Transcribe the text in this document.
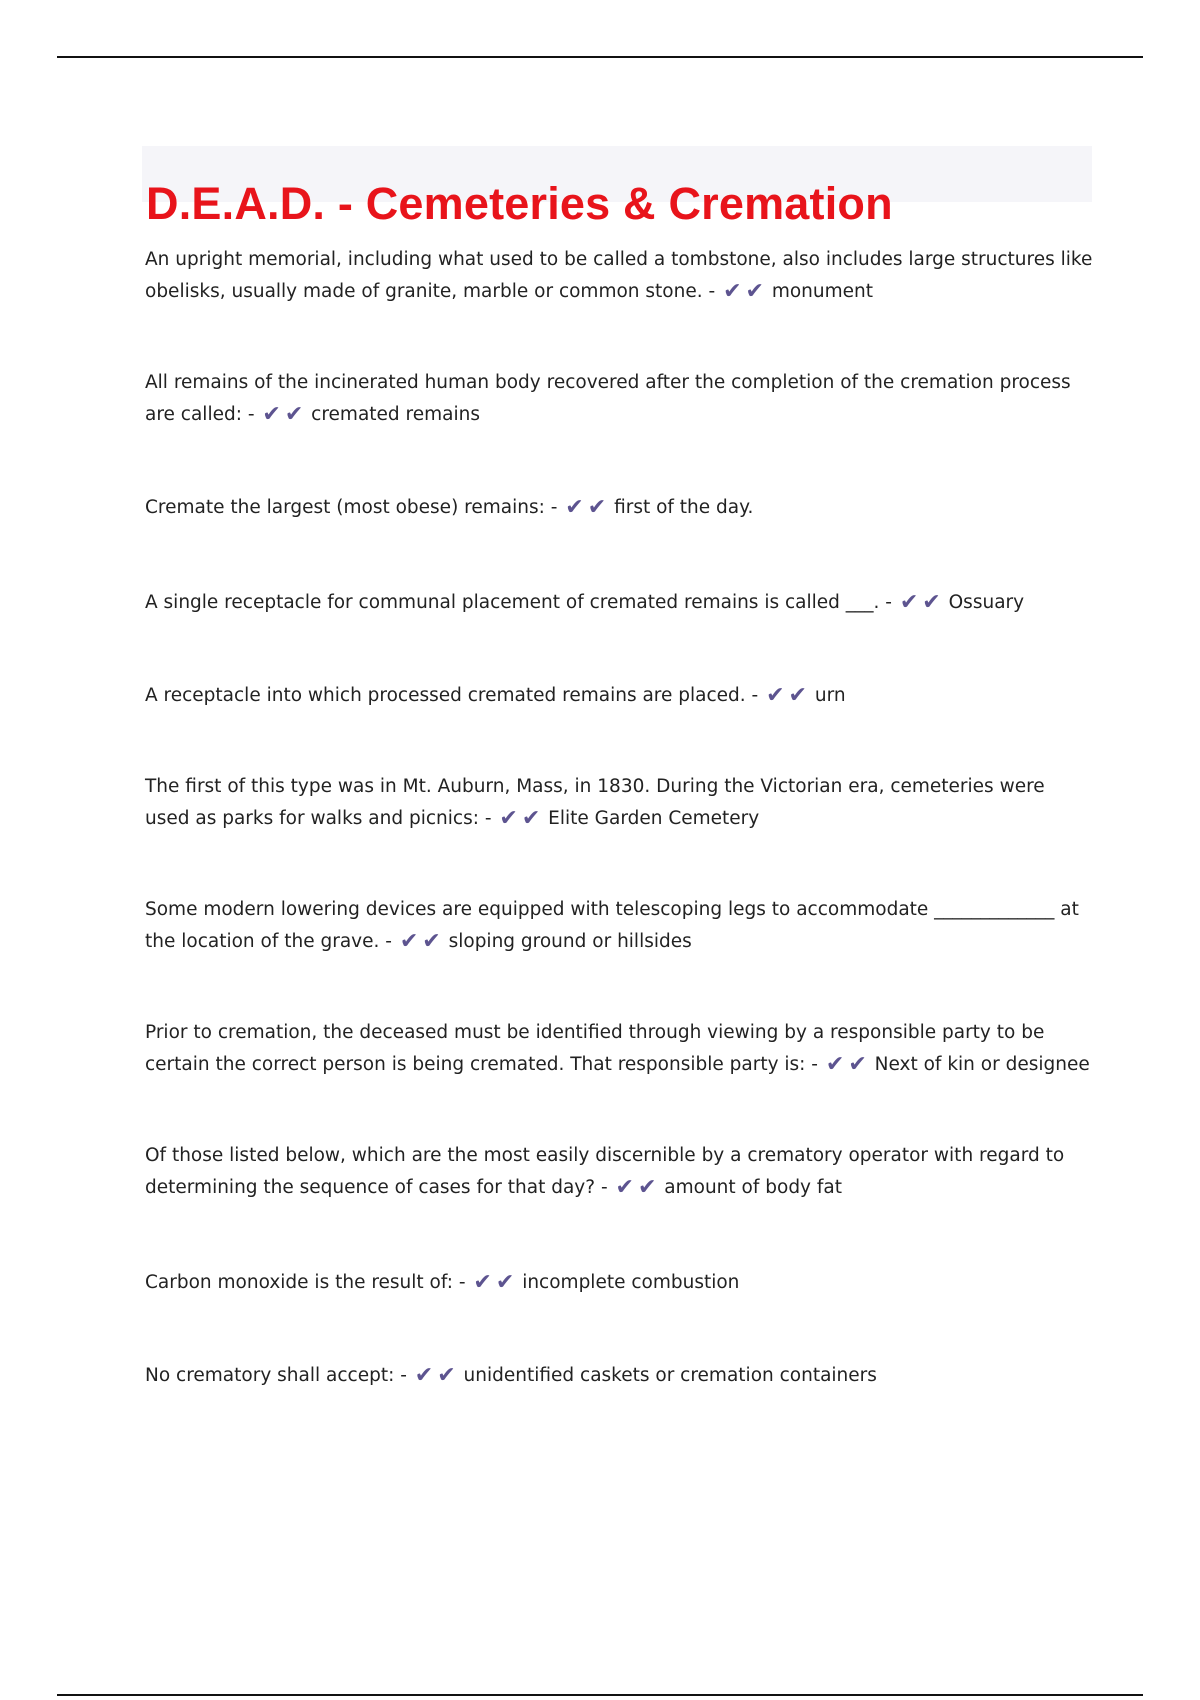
D.E.A.D. - Cemeteries & Cremation
An upright memorial, including what used to be called a tombstone, also includes large structures like obelisks, usually made of granite, marble or common stone. - ✔ ✔ monument
All remains of the incinerated human body recovered after the completion of the cremation process are called: - ✔ ✔ cremated remains
Cremate the largest (most obese) remains: - ✔ ✔ first of the day.
A single receptacle for communal placement of cremated remains is called ___. - ✔ ✔ Ossuary
A receptacle into which processed cremated remains are placed. - ✔ ✔ urn
The first of this type was in Mt. Auburn, Mass, in 1830. During the Victorian era, cemeteries were used as parks for walks and picnics: - ✔ ✔ Elite Garden Cemetery
Some modern lowering devices are equipped with telescoping legs to accommodate _____________ at the location of the grave. - ✔ ✔ sloping ground or hillsides
Prior to cremation, the deceased must be identified through viewing by a responsible party to be certain the correct person is being cremated. That responsible party is: - ✔ ✔ Next of kin or designee
Of those listed below, which are the most easily discernible by a crematory operator with regard to determining the sequence of cases for that day? - ✔ ✔ amount of body fat
Carbon monoxide is the result of: - ✔ ✔ incomplete combustion
No crematory shall accept: - ✔ ✔ unidentified caskets or cremation containers
